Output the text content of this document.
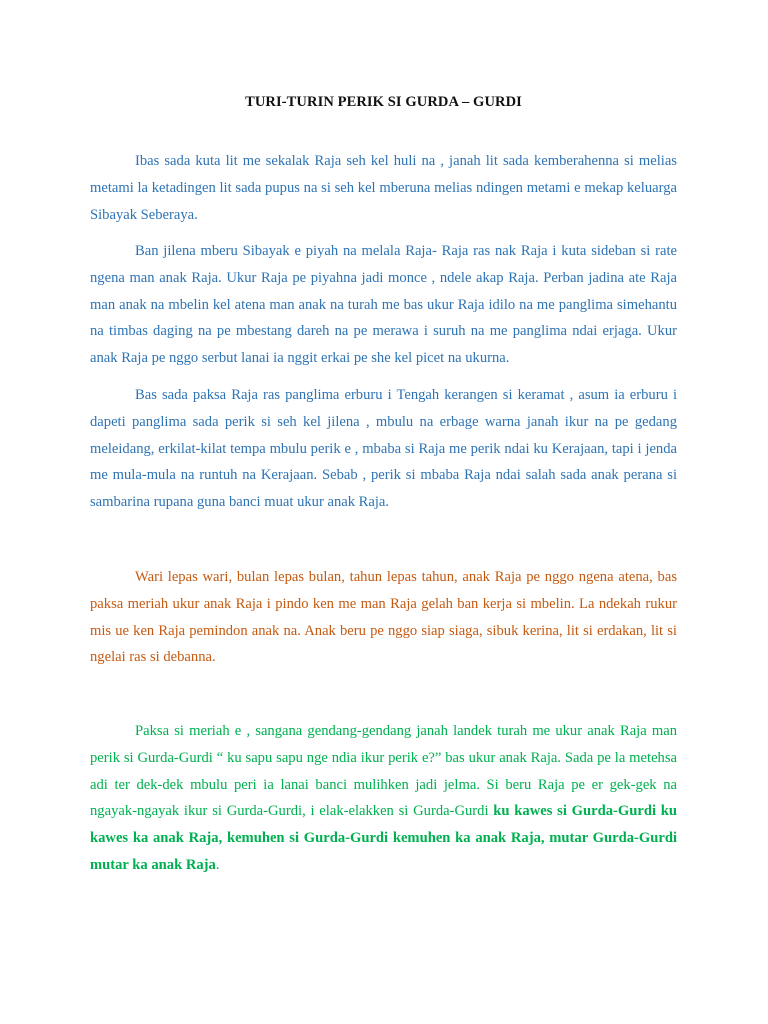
TURI-TURIN PERIK SI GURDA – GURDI

Ibas sada kuta lit me sekalak Raja seh kel huli na , janah lit sada kemberahenna si melias metami la ketadingen lit sada pupus na si seh kel mberuna melias ndingen metami e mekap keluarga Sibayak Seberaya.

Ban jilena mberu Sibayak e piyah na melala Raja- Raja ras nak Raja i kuta sideban si rate ngena man anak Raja. Ukur Raja pe piyahna jadi monce , ndele akap Raja. Perban jadina ate Raja man anak na mbelin kel atena man anak na turah me bas ukur Raja idilo na me panglima simehantu na timbas daging na pe mbestang dareh na pe merawa i suruh na me panglima ndai erjaga. Ukur anak Raja pe nggo serbut lanai ia nggit erkai pe she kel picet na ukurna.

Bas sada paksa Raja ras panglima erburu i Tengah kerangen si keramat , asum ia erburu i dapeti panglima sada perik si seh kel jilena , mbulu na erbage warna janah ikur na pe gedang meleidang, erkilat-kilat tempa mbulu perik e , mbaba si Raja me perik ndai ku Kerajaan, tapi i jenda me mula-mula na runtuh na Kerajaan. Sebab , perik si mbaba Raja ndai salah sada anak perana si sambarina rupana guna banci muat ukur anak Raja.

Wari lepas wari, bulan lepas bulan, tahun lepas tahun, anak Raja pe nggo ngena atena, bas paksa meriah ukur anak Raja i pindo ken me man Raja gelah ban kerja si mbelin. La ndekah rukur mis ue ken Raja pemindon anak na. Anak beru pe nggo siap siaga, sibuk kerina, lit si erdakan, lit si ngelai ras si debanna.

Paksa si meriah e , sangana gendang-gendang janah landek turah me ukur anak Raja man perik si Gurda-Gurdi “ ku sapu sapu nge ndia ikur perik e?” bas ukur anak Raja. Sada pe la metehsa adi ter dek-dek mbulu peri ia lanai banci mulihken jadi jelma. Si beru Raja pe er gek-gek na ngayak-ngayak ikur si Gurda-Gurdi, i elak-elakken si Gurda-Gurdi ku kawes si Gurda-Gurdi ku kawes ka anak Raja, kemuhen si Gurda-Gurdi kemuhen ka anak Raja, mutar Gurda-Gurdi mutar ka anak Raja.
